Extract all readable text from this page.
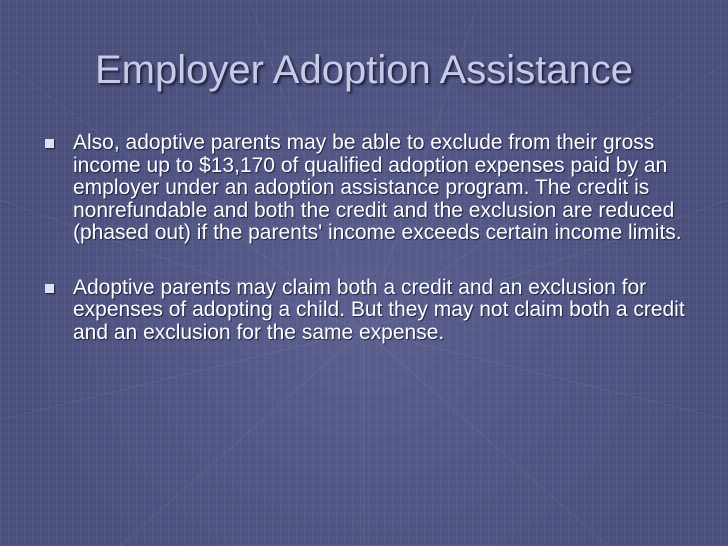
Employer Adoption Assistance
Also, adoptive parents may be able to exclude from their gross income up to $13,170 of qualified adoption expenses paid by an employer under an adoption assistance program. The credit is nonrefundable and both the credit and the exclusion are reduced (phased out) if the parents' income exceeds certain income limits.
Adoptive parents may claim both a credit and an exclusion for expenses of adopting a child. But they may not claim both a credit and an exclusion for the same expense.
